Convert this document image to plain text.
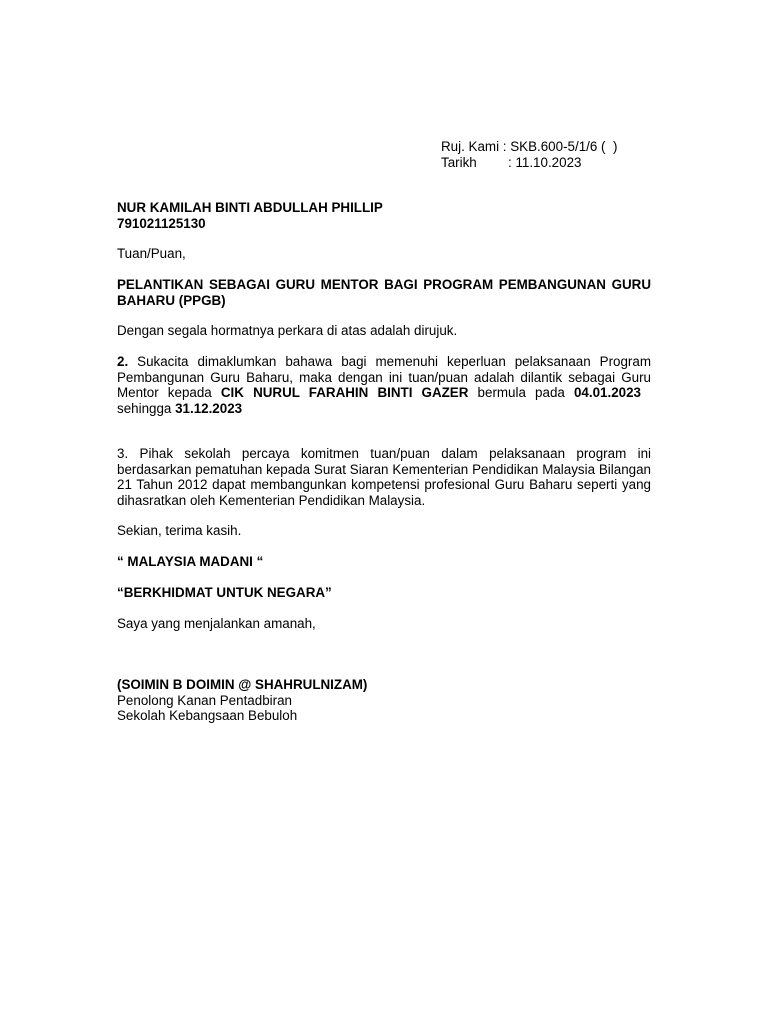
Ruj. Kami
: SKB.600-5/1/6 (  )
Tarikh	: 11.10.2023
NUR KAMILAH BINTI ABDULLAH PHILLIP
791021125130
Tuan/Puan,
PELANTIKAN SEBAGAI GURU MENTOR BAGI PROGRAM PEMBANGUNAN GURU BAHARU (PPGB)
Dengan segala hormatnya perkara di atas adalah dirujuk.
2. Sukacita dimaklumkan bahawa bagi memenuhi keperluan pelaksanaan Program Pembangunan Guru Baharu, maka dengan ini tuan/puan adalah dilantik sebagai Guru Mentor kepada CIK NURUL FARAHIN BINTI GAZER bermula pada 04.01.2023sehingga 31.12.2023
3. Pihak sekolah percaya komitmen tuan/puan dalam pelaksanaan program ini berdasarkan pematuhan kepada Surat Siaran Kementerian Pendidikan Malaysia Bilangan 21 Tahun 2012 dapat membangunkan kompetensi profesional Guru Baharu seperti yang dihasratkan oleh Kementerian Pendidikan Malaysia.
Sekian, terima kasih.
“ MALAYSIA MADANI “
“BERKHIDMAT UNTUK NEGARA”
Saya yang menjalankan amanah,
(SOIMIN B DOIMIN @ SHAHRULNIZAM)
Penolong Kanan Pentadbiran
Sekolah Kebangsaan Bebuloh
